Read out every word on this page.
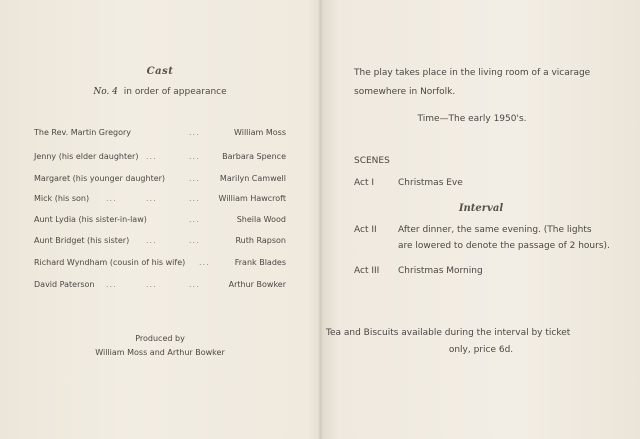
Cast
No. 4 in order of appearance
The Rev. Martin Gregory	...	William Moss
Jenny (his elder daughter) ...	...	Barbara Spence
Margaret (his younger daughter)	...	Marilyn Camwell
Mick (his son) ...	...	... William Hawcroft
Aunt Lydia (his sister-in-law)	...	Sheila Wood
Aunt Bridget (his sister) ...	...	Ruth Rapson
Richard Wyndham (cousin of his wife) ...	Frank Blades
David Paterson ...	...	...	Arthur Bowker
Produced by
William Moss and Arthur Bowker
The play takes place in the living room of a vicarage
somewhere in Norfolk.
Time—The early 1950's.
SCENES
Act I	Christmas Eve
Interval
Act II After dinner, the same evening. (The lights
are lowered to denote the passage of 2 hours).
Act III Christmas Morning
Tea and Biscuits available during the interval by ticket
only, price 6d.
